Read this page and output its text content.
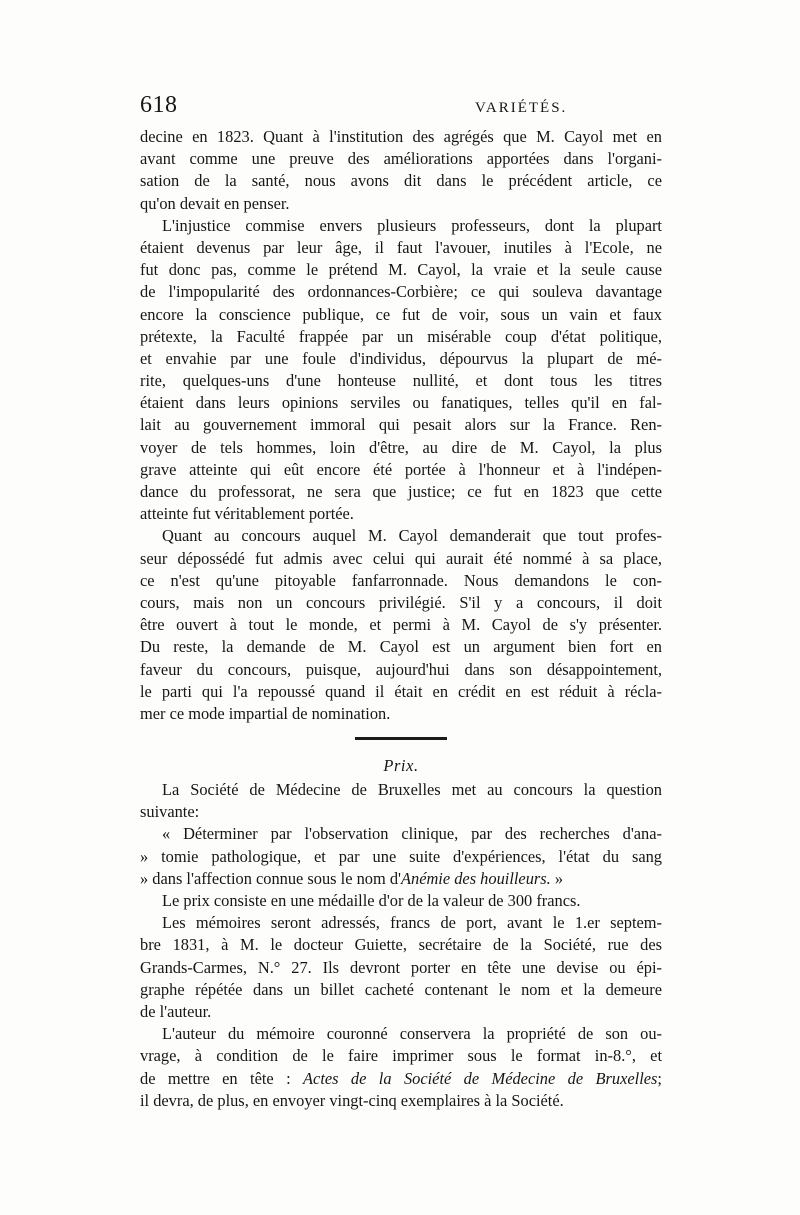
618	VARIÉTÉS.
decine en 1823. Quant à l'institution des agrégés que M. Cayol met en
avant comme une preuve des améliorations apportées dans l'organi-
sation de la santé, nous avons dit dans le précédent article, ce
qu'on devait en penser.
L'injustice commise envers plusieurs professeurs, dont la plupart
étaient devenus par leur âge, il faut l'avouer, inutiles à l'Ecole, ne
fut donc pas, comme le prétend M. Cayol, la vraie et la seule cause
de l'impopularité des ordonnances-Corbière; ce qui souleva davantage
encore la conscience publique, ce fut de voir, sous un vain et faux
prétexte, la Faculté frappée par un misérable coup d'état politique,
et envahie par une foule d'individus, dépourvus la plupart de mé-
rite, quelques-uns d'une honteuse nullité, et dont tous les titres
étaient dans leurs opinions serviles ou fanatiques, telles qu'il en fal-
lait au gouvernement immoral qui pesait alors sur la France. Ren-
voyer de tels hommes, loin d'être, au dire de M. Cayol, la plus
grave atteinte qui eût encore été portée à l'honneur et à l'indépen-
dance du professorat, ne sera que justice; ce fut en 1823 que cette
atteinte fut véritablement portée.
Quant au concours auquel M. Cayol demanderait que tout profes-
seur dépossédé fut admis avec celui qui aurait été nommé à sa place,
ce n'est qu'une pitoyable fanfarronnade. Nous demandons le con-
cours, mais non un concours privilégié. S'il y a concours, il doit
être ouvert à tout le monde, et permi à M. Cayol de s'y présenter.
Du reste, la demande de M. Cayol est un argument bien fort en
faveur du concours, puisque, aujourd'hui dans son désappointement,
le parti qui l'a repoussé quand il était en crédit en est réduit à récla-
mer ce mode impartial de nomination.
Prix.
La Société de Médecine de Bruxelles met au concours la question
suivante:
« Déterminer par l'observation clinique, par des recherches d'ana-
» tomie pathologique, et par une suite d'expériences, l'état du sang
» dans l'affection connue sous le nom d'Anémie des houilleurs. »
Le prix consiste en une médaille d'or de la valeur de 300 francs.
Les mémoires seront adressés, francs de port, avant le 1.er septem-
bre 1831, à M. le docteur Guiette, secrétaire de la Société, rue des
Grands-Carmes, N.° 27. Ils devront porter en tête une devise ou épi-
graphe répétée dans un billet cacheté contenant le nom et la demeure
de l'auteur.
L'auteur du mémoire couronné conservera la propriété de son ou-
vrage, à condition de le faire imprimer sous le format in-8.°, et
de mettre en tête : Actes de la Société de Médecine de Bruxelles;
il devra, de plus, en envoyer vingt-cinq exemplaires à la Société.
